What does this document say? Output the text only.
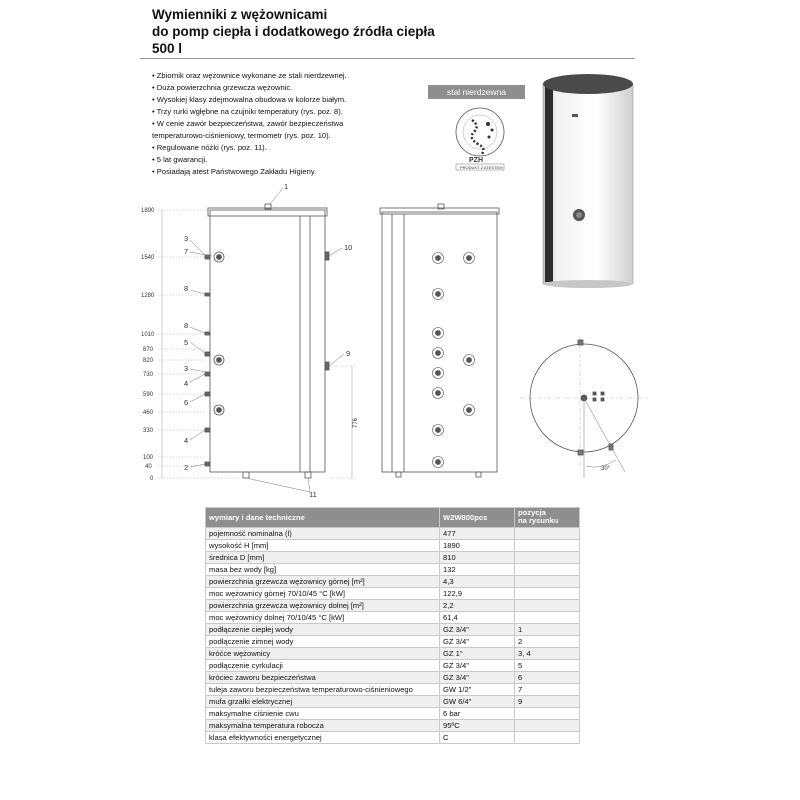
Wymienniki z wężownicami
do pomp ciepła i dodatkowego źródła ciepła
500 l
• Zbiornik oraz wężownice wykonane ze stali nierdzewnej.
• Duża powierzchnia grzewcza wężownic.
• Wysokiej klasy zdejmowalna obudowa w kolorze białym.
• Trzy rurki wgłębne na czujniki temperatury (rys. poz. 8).
• W cenie zawór bezpieczeństwa, zawór bezpieczeństwa
temperaturowo-ciśnieniowy, termometr (rys. poz. 10).
• Regulowane nóżki (rys. poz. 11).
• 5 lat gwarancji.
• Posiadają atest Państwowego Zakładu Higieny.
stal nierdzewna
PZH
PRODUKT Z ATESTEM
1890
1540
1280
1010
870
820
730
590
460
330
100
40
0
776
30°
1
3
7
8
8
5
3
4
6
4
2
10
9
11
wymiary i dane techniczne	W2W800pcs	pozycja
na rysunku

pojemność nominalna (l)	477	
wysokość H [mm]	1890	
średnica D [mm]	810	
masa bez wody [kg]	132	
powierzchnia grzewcza wężownicy górnej [m²]	4,3	
moc wężownicy górnej 70/10/45 °C [kW]	122,9	
powierzchnia grzewcza wężownicy dolnej [m²]	2,2	
moc wężownicy dolnej 70/10/45 °C [kW]	61,4	
podłączenie ciepłej wody	GZ 3/4"	1
podłączenie zimnej wody	GZ 3/4"	2
króćce wężownicy	GZ 1"	3, 4
podłączenie cyrkulacji	GZ 3/4"	5
króciec zaworu bezpieczeństwa	GZ 3/4"	6
tuleja zaworu bezpieczeństwa temperaturowo-ciśnieniowego	GW 1/2"	7
mufa grzałki elektrycznej	GW 6/4"	9
maksymalne ciśnienie cwu	6 bar	
maksymalna temperatura robocza	95ºC	
klasa efektywności energetycznej	C	
